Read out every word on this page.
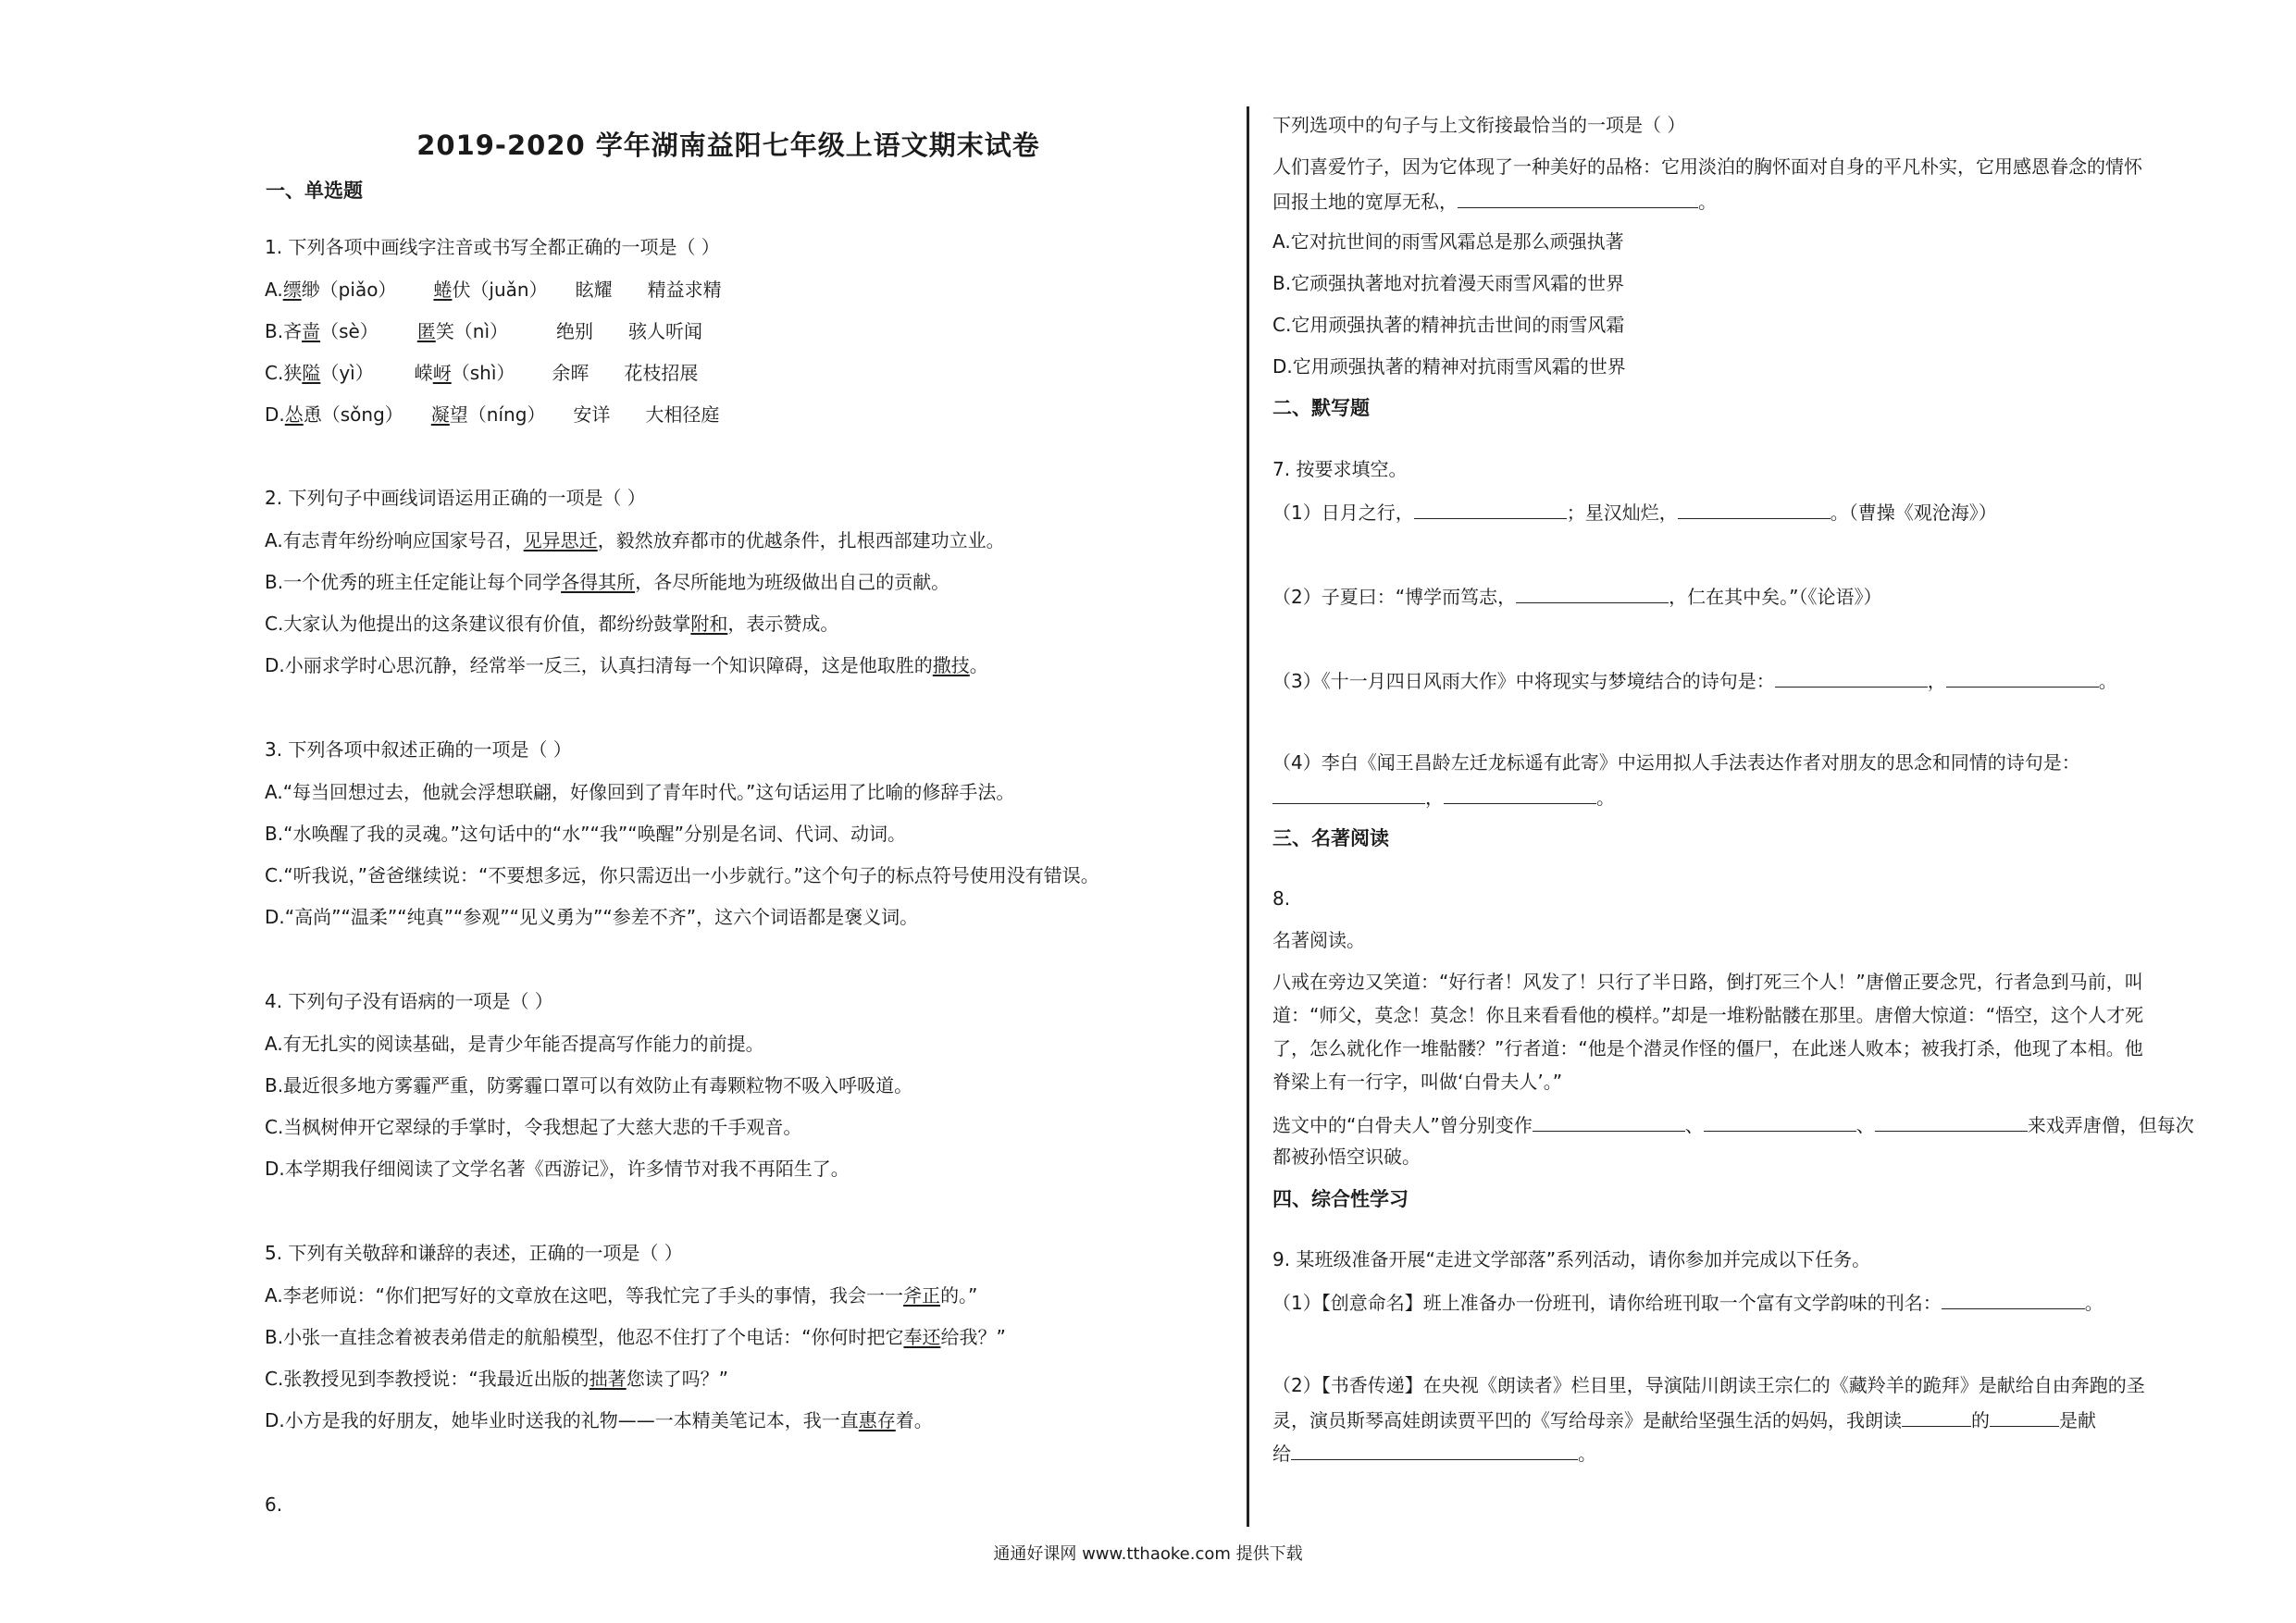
2019-2020 学年湖南益阳七年级上语文期末试卷
一、单选题
1. 下列各项中画线字注音或书写全都正确的一项是（ ）
A.缥缈（piǎo） 蜷伏（juǎn） 眩耀 精益求精
B.吝啬（sè） 匿笑（nì）	绝别 骇人听闻
C.狭隘（yì） 嵘岈（shì） 余晖 花枝招展
D.怂恿（sǒng） 凝望（níng） 安详 大相径庭
2. 下列句子中画线词语运用正确的一项是（ ）
A.有志青年纷纷响应国家号召，见异思迁，毅然放弃都市的优越条件，扎根西部建功立业。
B.一个优秀的班主任定能让每个同学各得其所，各尽所能地为班级做出自己的贡献。
C.大家认为他提出的这条建议很有价值，都纷纷鼓掌附和，表示赞成。
D.小丽求学时心思沉静，经常举一反三，认真扫清每一个知识障碍，这是他取胜的撒技。
3. 下列各项中叙述正确的一项是（ ）
A.“每当回想过去，他就会浮想联翩，好像回到了青年时代。”这句话运用了比喻的修辞手法。
B.“水唤醒了我的灵魂。”这句话中的“水”“我”“唤醒”分别是名词、代词、动词。
C.“听我说，”爸爸继续说：“不要想多远，你只需迈出一小步就行。”这个句子的标点符号使用没有错误。
D.“高尚”“温柔”“纯真”“参观”“见义勇为”“参差不齐”，这六个词语都是褒义词。
4. 下列句子没有语病的一项是（ ）
A.有无扎实的阅读基础，是青少年能否提高写作能力的前提。
B.最近很多地方雾霾严重，防雾霾口罩可以有效防止有毒颗粒物不吸入呼吸道。
C.当枫树伸开它翠绿的手掌时，令我想起了大慈大悲的千手观音。
D.本学期我仔细阅读了文学名著《西游记》，许多情节对我不再陌生了。
5. 下列有关敬辞和谦辞的表述，正确的一项是（ ）
A.李老师说：“你们把写好的文章放在这吧，等我忙完了手头的事情，我会一一斧正的。”
B.小张一直挂念着被表弟借走的航船模型，他忍不住打了个电话：“你何时把它奉还给我？”
C.张教授见到李教授说：“我最近出版的拙著您读了吗？”
D.小方是我的好朋友，她毕业时送我的礼物——一本精美笔记本，我一直惠存着。
6.
下列选项中的句子与上文衔接最恰当的一项是（ ）
人们喜爱竹子，因为它体现了一种美好的品格：它用淡泊的胸怀面对自身的平凡朴实，它用感恩眷念的情怀
回报土地的宽厚无私，	。
A.它对抗世间的雨雪风霜总是那么顽强执著
B.它顽强执著地对抗着漫天雨雪风霜的世界
C.它用顽强执著的精神抗击世间的雨雪风霜
D.它用顽强执著的精神对抗雨雪风霜的世界
二、默写题
7. 按要求填空。
（1）日月之行，	；星汉灿烂，	。（曹操《观沧海》）
（2）子夏曰：“博学而笃志，	，仁在其中矣。”（《论语》）
（3）《十一月四日风雨大作》中将现实与梦境结合的诗句是：	，	。
（4）李白《闻王昌龄左迁龙标遥有此寄》中运用拟人手法表达作者对朋友的思念和同情的诗句是：
，	。
三、名著阅读
8.
名著阅读。
八戒在旁边又笑道：“好行者！风发了！只行了半日路，倒打死三个人！”唐僧正要念咒，行者急到马前，叫
道：“师父，莫念！莫念！你且来看看他的模样。”却是一堆粉骷髅在那里。唐僧大惊道：“悟空，这个人才死
了，怎么就化作一堆骷髅？”行者道：“他是个潜灵作怪的僵尸，在此迷人败本；被我打杀，他现了本相。他
脊梁上有一行字，叫做‘白骨夫人’。”
选文中的“白骨夫人”曾分别变作	、	、	来戏弄唐僧，但每次
都被孙悟空识破。
四、综合性学习
9. 某班级准备开展“走进文学部落”系列活动，请你参加并完成以下任务。
（1）【创意命名】班上准备办一份班刊，请你给班刊取一个富有文学韵味的刊名：	。
（2）【书香传递】在央视《朗读者》栏目里，导演陆川朗读王宗仁的《藏羚羊的跪拜》是献给自由奔跑的圣
灵，演员斯琴高娃朗读贾平凹的《写给母亲》是献给坚强生活的妈妈，我朗读	的	是献
给	。
通通好课网 www.tthaoke.com 提供下载
